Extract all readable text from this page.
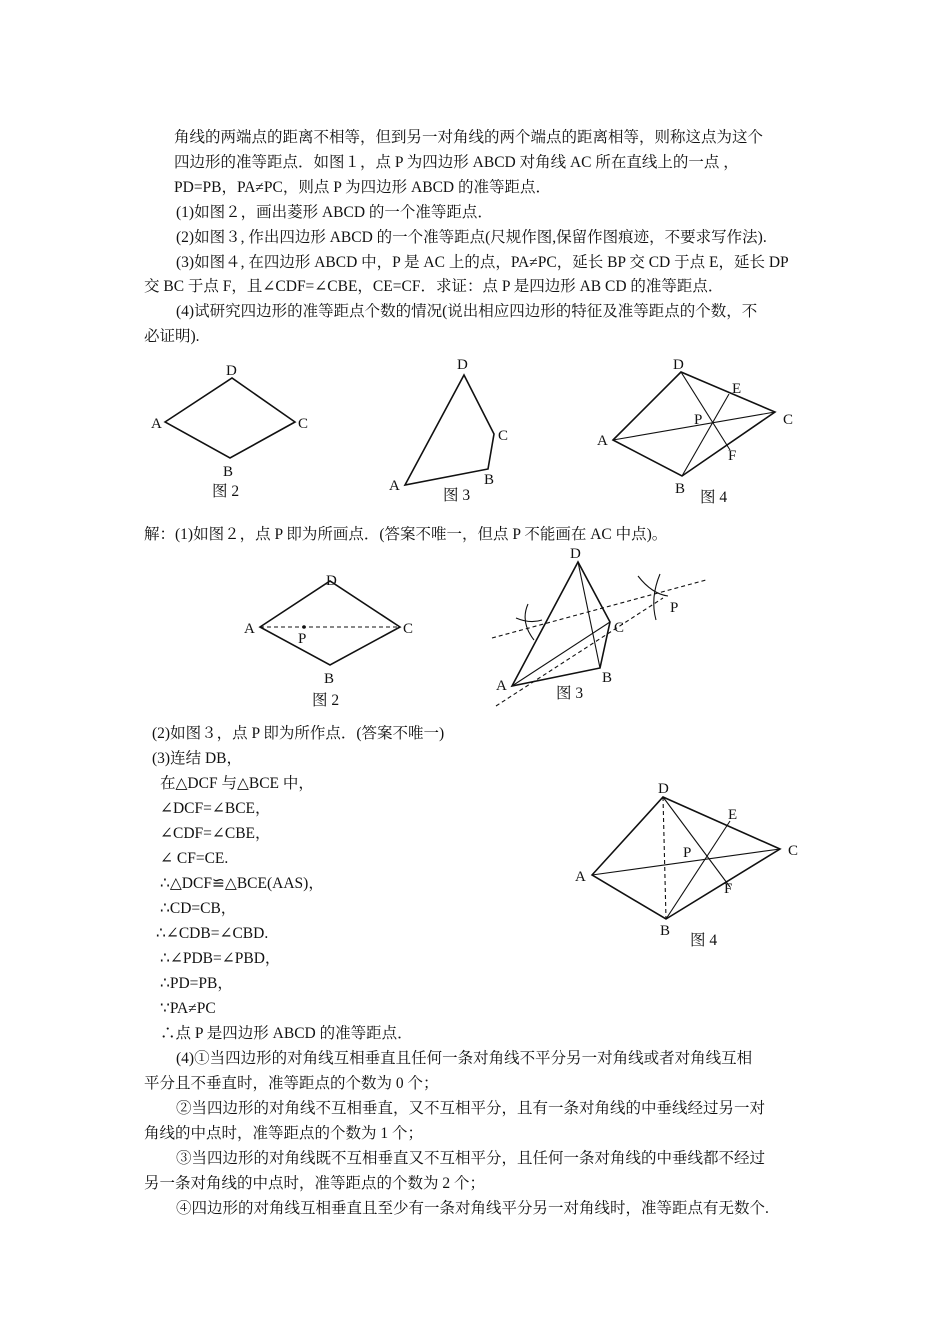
角线的两端点的距离不相等，但到另一对角线的两个端点的距离相等，则称这点为这个
四边形的准等距点．如图１，点 P 为四边形 ABCD 对角线 AC 所在直线上的一点 ，
PD=PB，PA≠PC，则点 P 为四边形 ABCD 的准等距点．
(1)如图２，画出菱形 ABCD 的一个准等距点．
(2)如图３, 作出四边形 ABCD 的一个准等距点(尺规作图,保留作图痕迹，不要求写作法).
(3)如图４, 在四边形 ABCD 中，P 是 AC 上的点，PA≠PC，延长 BP 交 CD 于点 E，延长 DP
交 BC 于点 F，且∠CDF=∠CBE，CE=CF．求证：点 P 是四边形 AB CD 的准等距点．
(4)试研究四边形的准等距点个数的情况(说出相应四边形的特征及准等距点的个数，不
必证明).
A
D
C
B
图 2
D
C
B
A
图 3
A
D
C
B
E
F
P
图 4
解：(1)如图２，点 P 即为所画点．(答案不唯一，但点 P 不能画在 AC 中点)。
A
D
C
B
P
图 2
D
C
B
A
P
图 3
(2)如图３，点 P 即为所作点．(答案不唯一)
(3)连结 DB，
在△DCF 与△BCE 中，
∠DCF=∠BCE，
∠CDF=∠CBE，
∠ CF=CE.
∴△DCF≌△BCE(AAS)，
∴CD=CB，
∴∠CDB=∠CBD.
∴∠PDB=∠PBD，
∴PD=PB，
∵PA≠PC
∴点 P 是四边形 ABCD 的准等距点．
A
D
C
B
E
F
P
图 4
(4)①当四边形的对角线互相垂直且任何一条对角线不平分另一对角线或者对角线互相
平分且不垂直时，准等距点的个数为 0 个；
②当四边形的对角线不互相垂直，又不互相平分，且有一条对角线的中垂线经过另一对
角线的中点时，准等距点的个数为 1 个；
③当四边形的对角线既不互相垂直又不互相平分，且任何一条对角线的中垂线都不经过
另一条对角线的中点时，准等距点的个数为 2 个；
④四边形的对角线互相垂直且至少有一条对角线平分另一对角线时，准等距点有无数个.
